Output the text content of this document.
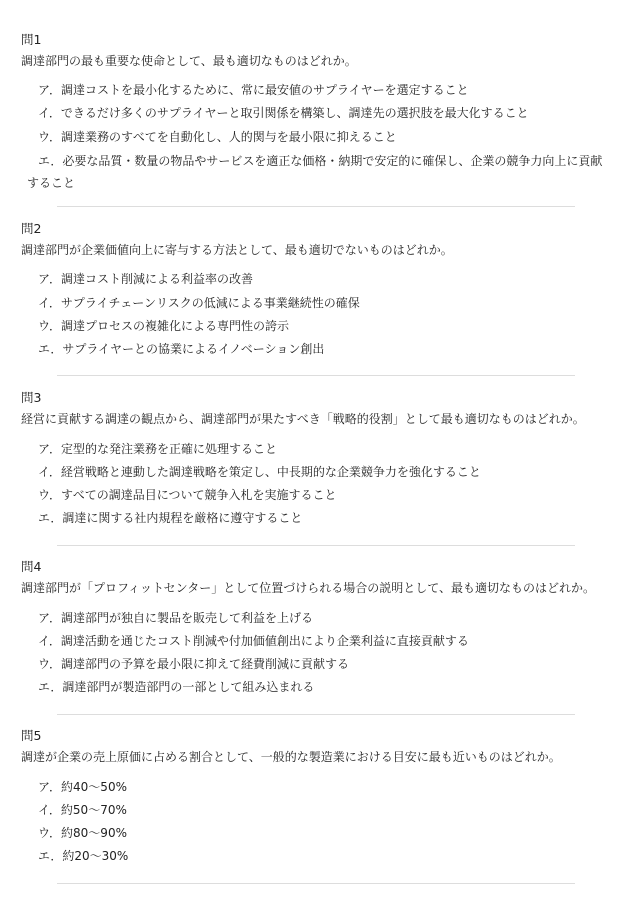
問1
調達部門の最も重要な使命として、最も適切なものはどれか。
ア．調達コストを最小化するために、常に最安値のサプライヤーを選定すること
イ．できるだけ多くのサプライヤーと取引関係を構築し、調達先の選択肢を最大化すること
ウ．調達業務のすべてを自動化し、人的関与を最小限に抑えること
エ．必要な品質・数量の物品やサービスを適正な価格・納期で安定的に確保し、企業の競争力向上に貢献すること
問2
調達部門が企業価値向上に寄与する方法として、最も適切でないものはどれか。
ア．調達コスト削減による利益率の改善
イ．サプライチェーンリスクの低減による事業継続性の確保
ウ．調達プロセスの複雑化による専門性の誇示
エ．サプライヤーとの協業によるイノベーション創出
問3
経営に貢献する調達の観点から、調達部門が果たすべき「戦略的役割」として最も適切なものはどれか。
ア．定型的な発注業務を正確に処理すること
イ．経営戦略と連動した調達戦略を策定し、中長期的な企業競争力を強化すること
ウ．すべての調達品目について競争入札を実施すること
エ．調達に関する社内規程を厳格に遵守すること
問4
調達部門が「プロフィットセンター」として位置づけられる場合の説明として、最も適切なものはどれか。
ア．調達部門が独自に製品を販売して利益を上げる
イ．調達活動を通じたコスト削減や付加価値創出により企業利益に直接貢献する
ウ．調達部門の予算を最小限に抑えて経費削減に貢献する
エ．調達部門が製造部門の一部として組み込まれる
問5
調達が企業の売上原価に占める割合として、一般的な製造業における目安に最も近いものはどれか。
ア．約40〜50%
イ．約50〜70%
ウ．約80〜90%
エ．約20〜30%
